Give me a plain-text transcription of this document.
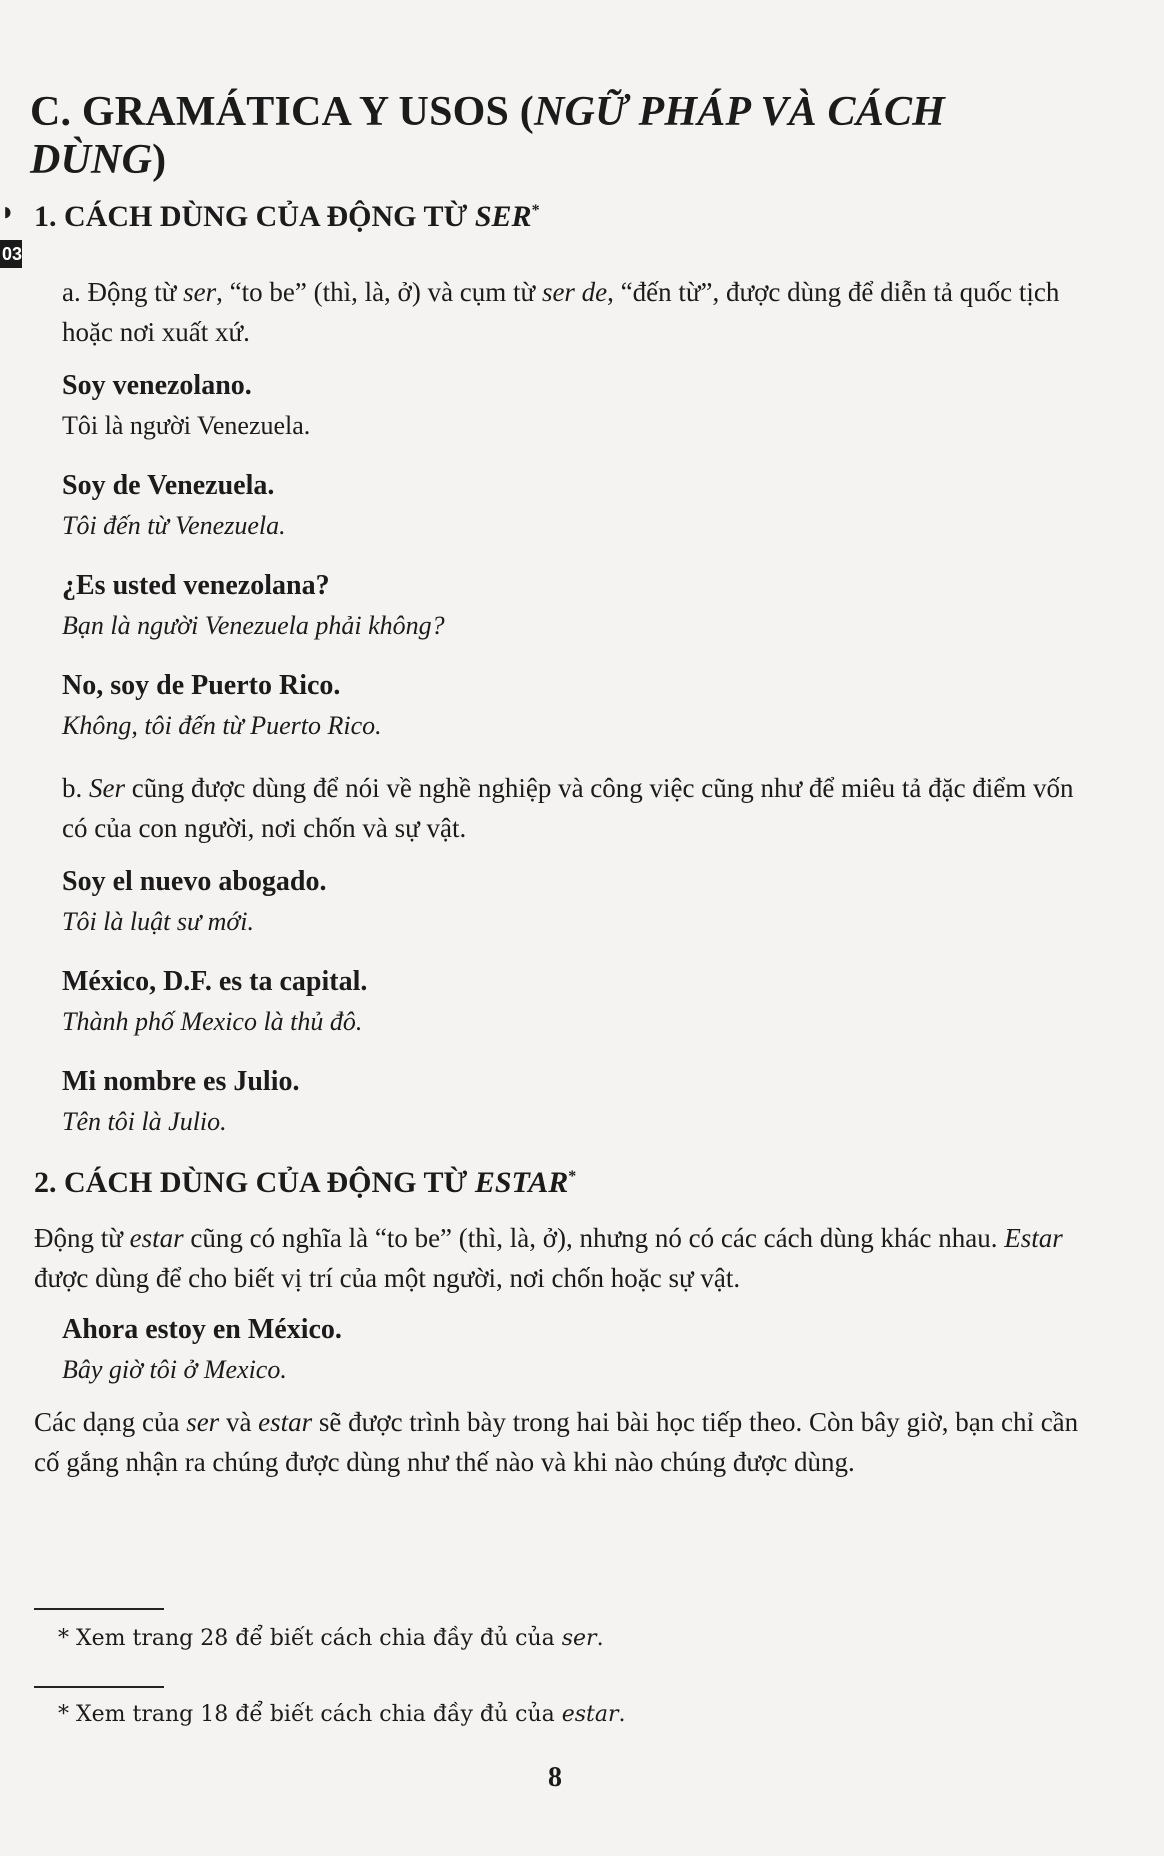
◗
03
C. GRAMÁTICA Y USOS (NGỮ PHÁP VÀ CÁCH DÙNG)
1. CÁCH DÙNG CỦA ĐỘNG TỪ SER*

a. Động từ ser, “to be” (thì, là, ở) và cụm từ ser de, “đến từ”, được dùng để diễn tả quốc tịch hoặc nơi xuất xứ.

Soy venezolano.

Tôi là người Venezuela.

Soy de Venezuela.

Tôi đến từ Venezuela.

¿Es usted venezolana?

Bạn là người Venezuela phải không?

No, soy de Puerto Rico.

Không, tôi đến từ Puerto Rico.

b. Ser cũng được dùng để nói về nghề nghiệp và công việc cũng như để miêu tả đặc điểm vốn có của con người, nơi chốn và sự vật.

Soy el nuevo abogado.

Tôi là luật sư mới.

México, D.F. es ta capital.

Thành phố Mexico là thủ đô.

Mi nombre es Julio.

Tên tôi là Julio.

2. CÁCH DÙNG CỦA ĐỘNG TỪ ESTAR*

Động từ estar cũng có nghĩa là “to be” (thì, là, ở), nhưng nó có các cách dùng khác nhau. Estar được dùng để cho biết vị trí của một người, nơi chốn hoặc sự vật.

Ahora estoy en México.

Bây giờ tôi ở Mexico.

Các dạng của ser và estar sẽ được trình bày trong hai bài học tiếp theo. Còn bây giờ, bạn chỉ cần cố gắng nhận ra chúng được dùng như thế nào và khi nào chúng được dùng.

* Xem trang 28 để biết cách chia đầy đủ của ser.
* Xem trang 18 để biết cách chia đầy đủ của estar.
8
